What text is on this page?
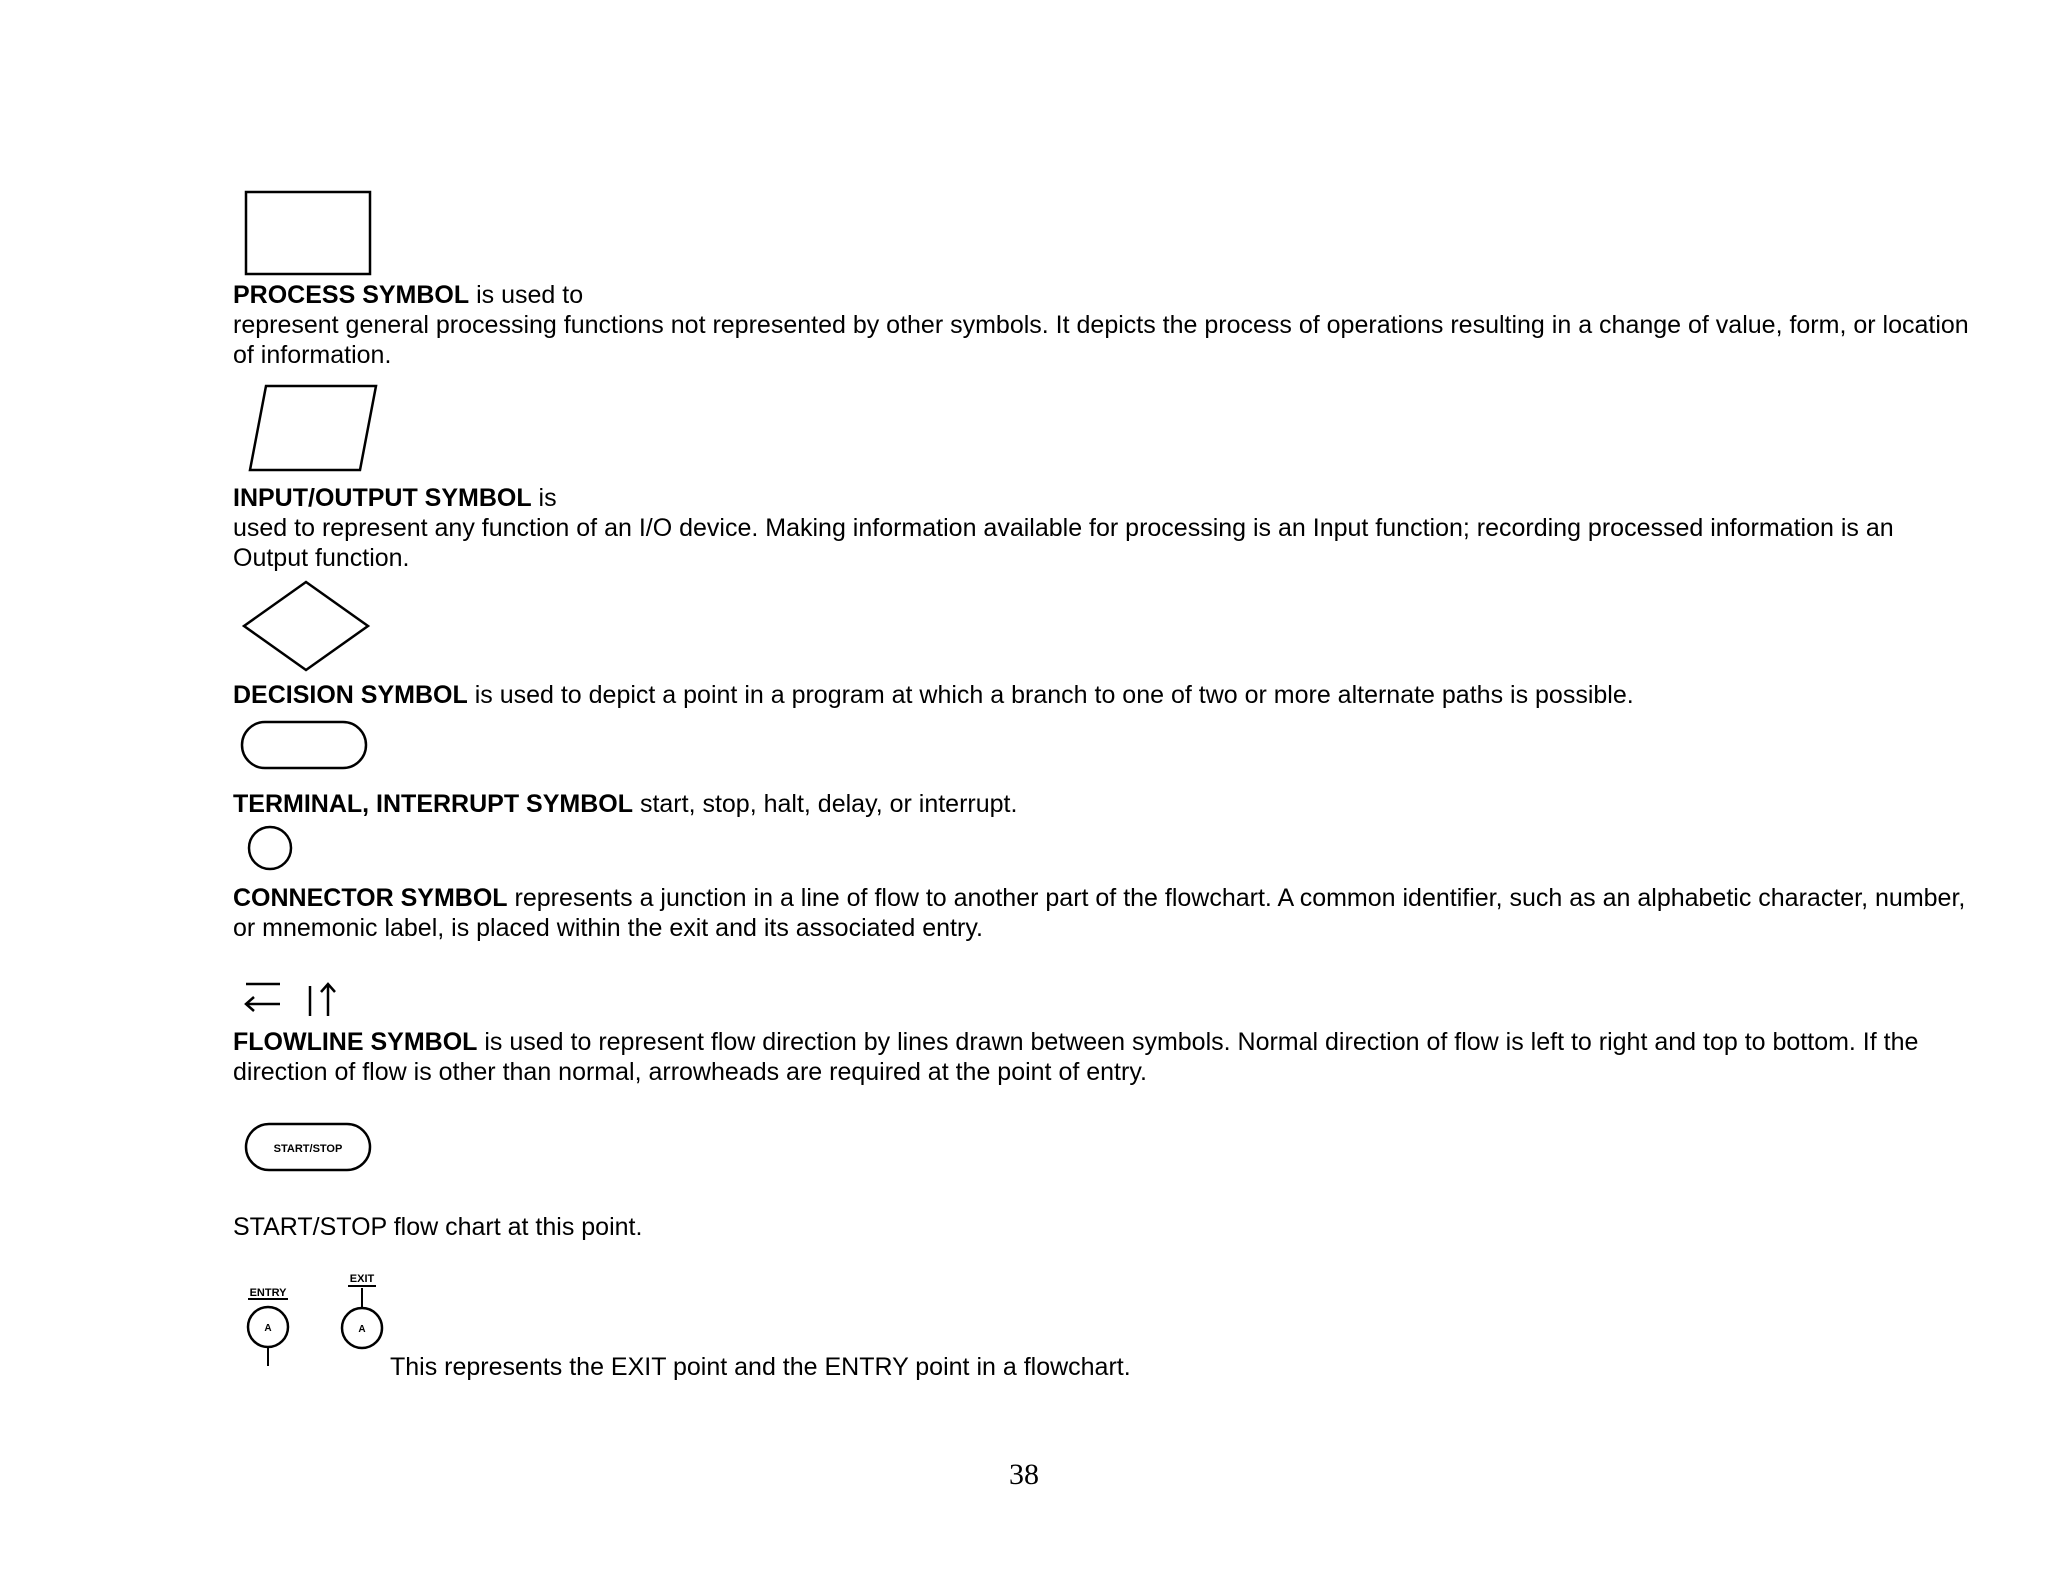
PROCESS SYMBOL is used to

represent general processing functions not represented by other symbols. It depicts the process of operations resulting in a change of value, form, or location of information.

INPUT/OUTPUT SYMBOL is

used to represent any function of an I/O device. Making information available for processing is an Input function; recording processed information is an Output function.

DECISION SYMBOL is used to depict a point in a program at which a branch to one of two or more alternate paths is possible.

TERMINAL, INTERRUPT SYMBOL start, stop, halt, delay, or interrupt.

CONNECTOR SYMBOL represents a junction in a line of flow to another part of the flowchart. A common identifier, such as an alphabetic character, number, or mnemonic label, is placed within the exit and its associated entry.

FLOWLINE SYMBOL is used to represent flow direction by lines drawn between symbols. Normal direction of flow is left to right and top to bottom. If the direction of flow is other than normal, arrowheads are required at the point of entry.

START/STOP

START/STOP flow chart at this point.

ENTRY
A
EXIT
A

This represents the EXIT point and the ENTRY point in a flowchart.

38
